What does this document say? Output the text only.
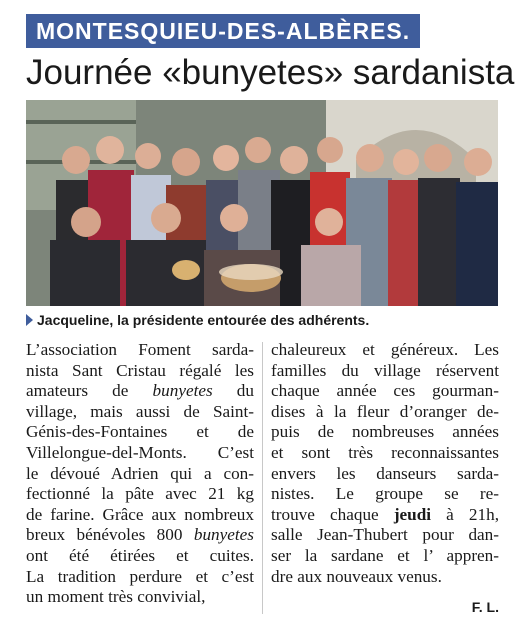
MONTESQUIEU-DES-ALBÈRES.
Journée «bunyetes» sardanista
Jacqueline, la présidente entourée des adhérents.
L’association Foment sarda-
nista Sant Cristau régalé les
amateurs de bunyetes du
village, mais aussi de Saint-
Génis-des-Fontaines et de
Villelongue-del-Monts. C’est
le dévoué Adrien qui a con-
fectionné la pâte avec 21 kg
de farine. Grâce aux nombreux
breux bénévoles 800 bunyetes
ont été étirées et cuites.
La tradition perdure et c’est
un moment très convivial,
chaleureux et généreux. Les
familles du village réservent
chaque année ces gourman-
dises à la fleur d’oranger de-
puis de nombreuses années
et sont très reconnaissantes
envers les danseurs sarda-
nistes. Le groupe se re-
trouve chaque jeudi à 21h,
salle Jean-Thubert pour dan-
ser la sardane et l’ appren-
dre aux nouveaux venus.
F. L.
